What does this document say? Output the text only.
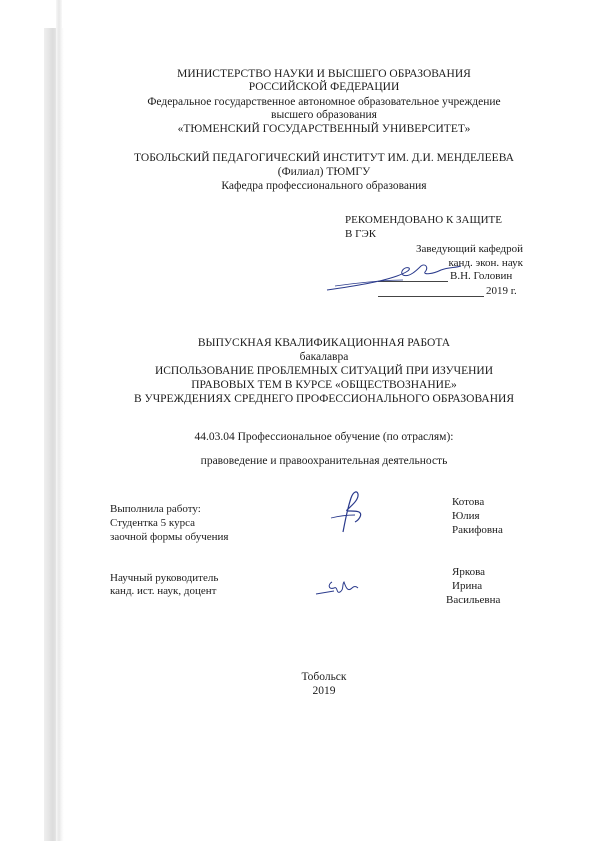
МИНИСТЕРСТВО НАУКИ И ВЫСШЕГО ОБРАЗОВАНИЯ
РОССИЙСКОЙ ФЕДЕРАЦИИ
Федеральное государственное автономное образовательное учреждение
высшего образования
«ТЮМЕНСКИЙ ГОСУДАРСТВЕННЫЙ УНИВЕРСИТЕТ»
ТОБОЛЬСКИЙ ПЕДАГОГИЧЕСКИЙ ИНСТИТУТ ИМ. Д.И. МЕНДЕЛЕЕВА
(Филиал) ТЮМГУ
Кафедра профессионального образования
РЕКОМЕНДОВАНО К ЗАЩИТЕ
В ГЭК
Заведующий кафедрой
канд. экон. наук
В.Н. Головин
2019 г.
ВЫПУСКНАЯ КВАЛИФИКАЦИОННАЯ РАБОТА
бакалавра
ИСПОЛЬЗОВАНИЕ ПРОБЛЕМНЫХ СИТУАЦИЙ ПРИ ИЗУЧЕНИИ
ПРАВОВЫХ ТЕМ В КУРСЕ «ОБЩЕСТВОЗНАНИЕ»
В УЧРЕЖДЕНИЯХ СРЕДНЕГО ПРОФЕССИОНАЛЬНОГО ОБРАЗОВАНИЯ
44.03.04 Профессиональное обучение (по отраслям):
правоведение и правоохранительная деятельность
Выполнила работу:
Студентка 5 курса
заочной формы обучения
Котова
Юлия
Ракифовна
Научный руководитель
канд. ист. наук, доцент
Яркова
Ирина
Васильевна
Тобольск
2019
